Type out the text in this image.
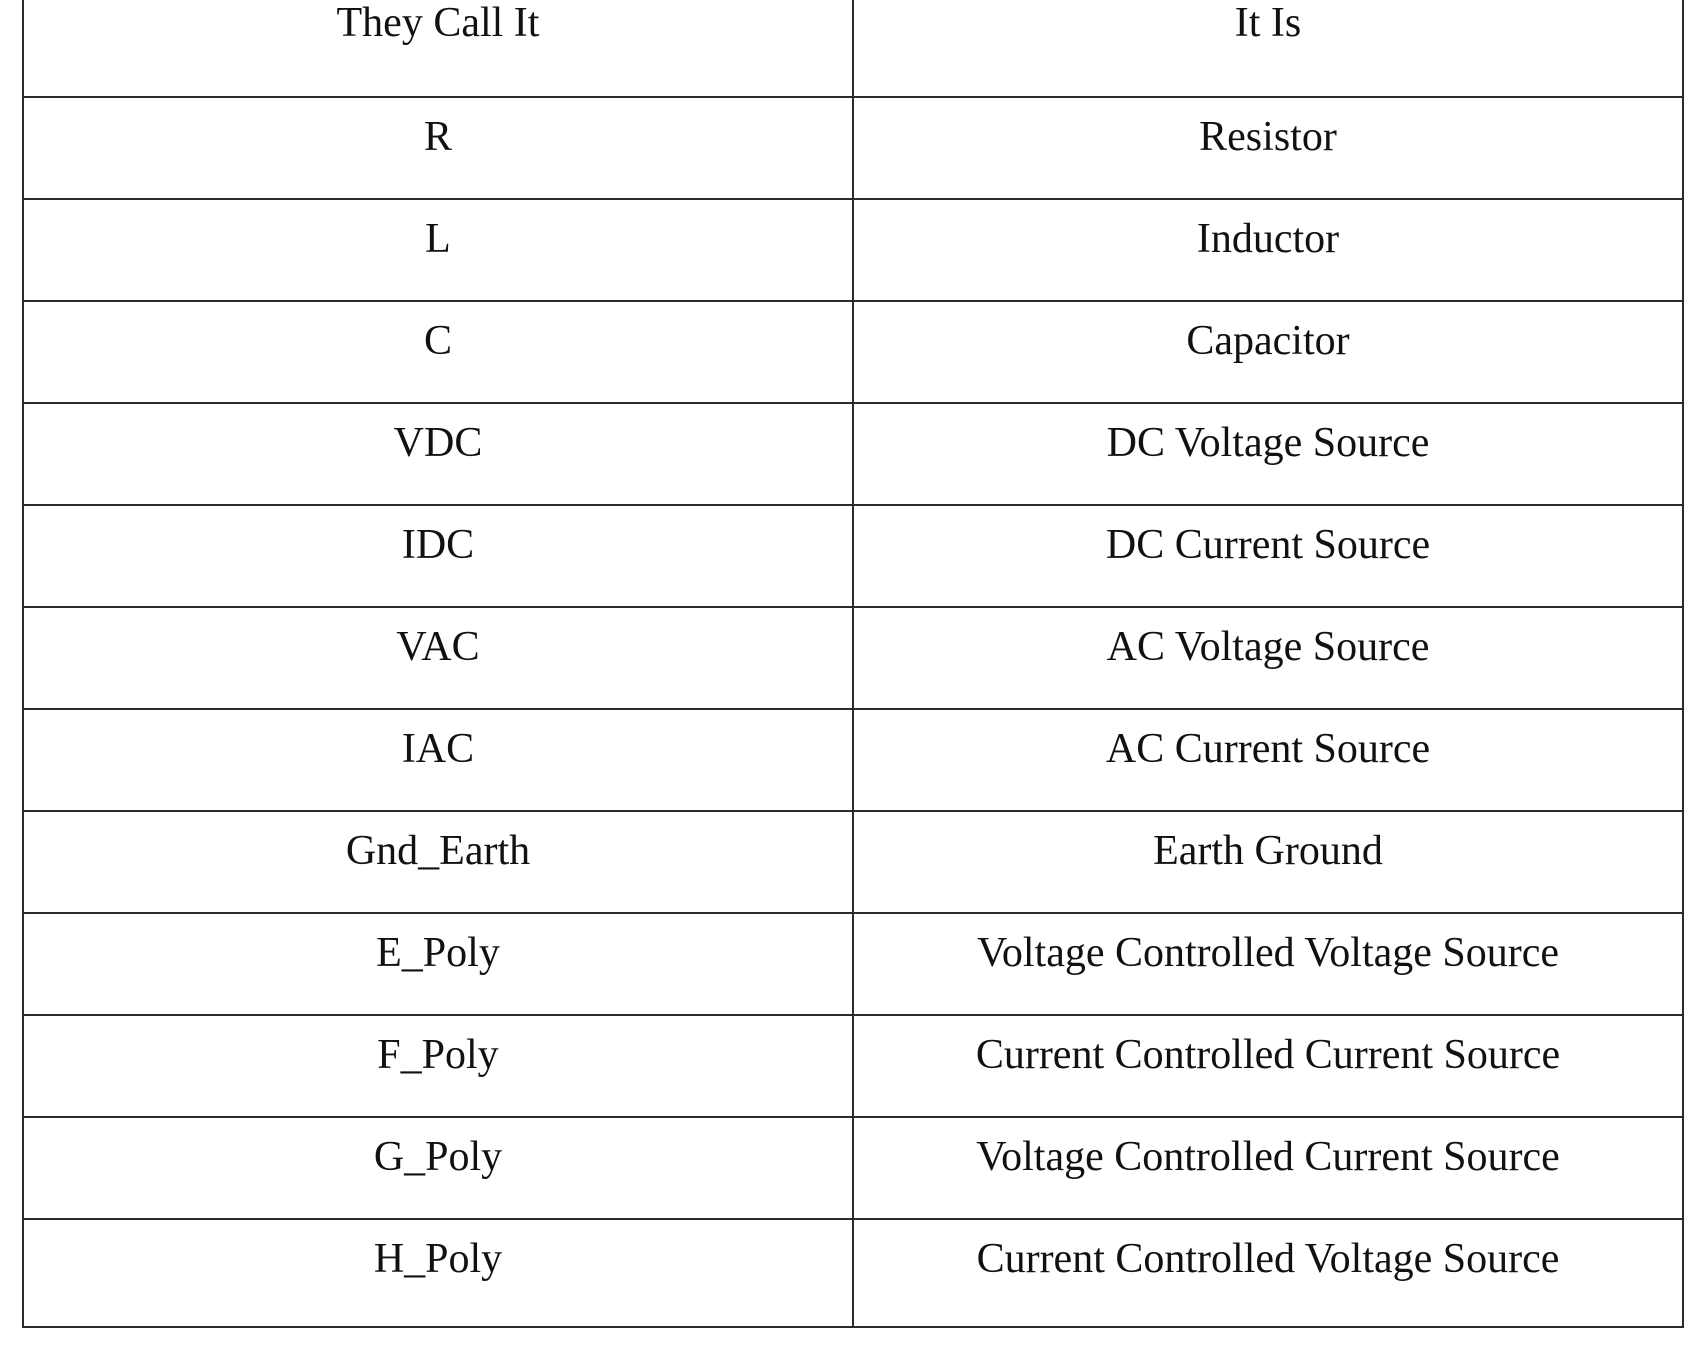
They Call It	It Is
R	Resistor
L	Inductor
C	Capacitor
VDC	DC Voltage Source
IDC	DC Current Source
VAC	AC Voltage Source
IAC	AC Current Source
Gnd_Earth	Earth Ground
E_Poly	Voltage Controlled Voltage Source
F_Poly	Current Controlled Current Source
G_Poly	Voltage Controlled Current Source
H_Poly	Current Controlled Voltage Source
